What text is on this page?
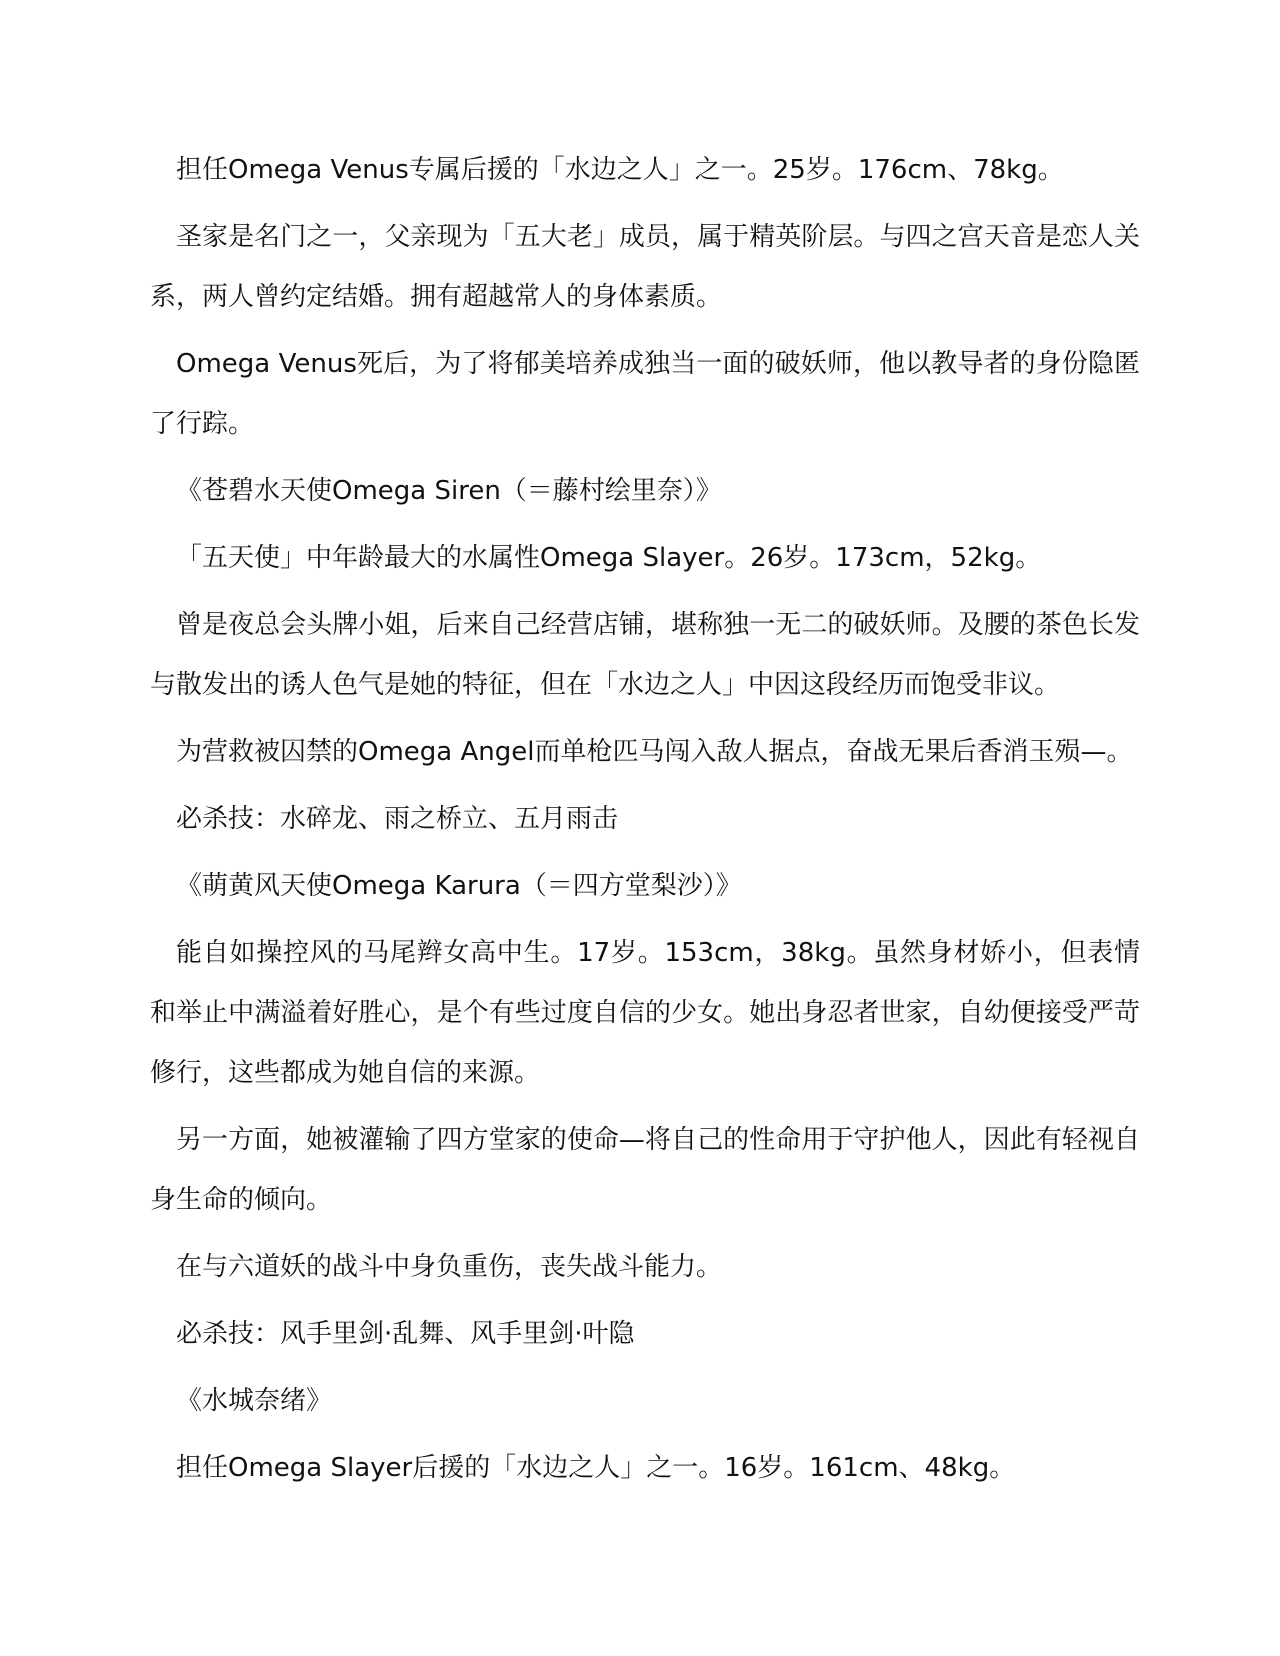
担任Omega Venus专属后援的「水边之人」之一。25岁。176cm、78kg。

圣家是名门之一，父亲现为「五大老」成员，属于精英阶层。与四之宫天音是恋人关系，两人曾约定结婚。拥有超越常人的身体素质。

Omega Venus死后，为了将郁美培养成独当一面的破妖师，他以教导者的身份隐匿了行踪。

《苍碧水天使Omega Siren（＝藤村绘里奈）》

「五天使」中年龄最大的水属性Omega Slayer。26岁。173cm，52kg。

曾是夜总会头牌小姐，后来自己经营店铺，堪称独一无二的破妖师。及腰的茶色长发与散发出的诱人色气是她的特征，但在「水边之人」中因这段经历而饱受非议。

为营救被囚禁的Omega Angel而单枪匹马闯入敌人据点，奋战无果后香消玉殒—。

必杀技：水碎龙、雨之桥立、五月雨击

《萌黄风天使Omega Karura（＝四方堂梨沙）》

能自如操控风的马尾辫女高中生。17岁。153cm，38kg。虽然身材娇小，但表情和举止中满溢着好胜心，是个有些过度自信的少女。她出身忍者世家，自幼便接受严苛修行，这些都成为她自信的来源。

另一方面，她被灌输了四方堂家的使命—将自己的性命用于守护他人，因此有轻视自身生命的倾向。

在与六道妖的战斗中身负重伤，丧失战斗能力。

必杀技：风手里剑·乱舞、风手里剑·叶隐

《水城奈绪》

担任Omega Slayer后援的「水边之人」之一。16岁。161cm、48kg。
